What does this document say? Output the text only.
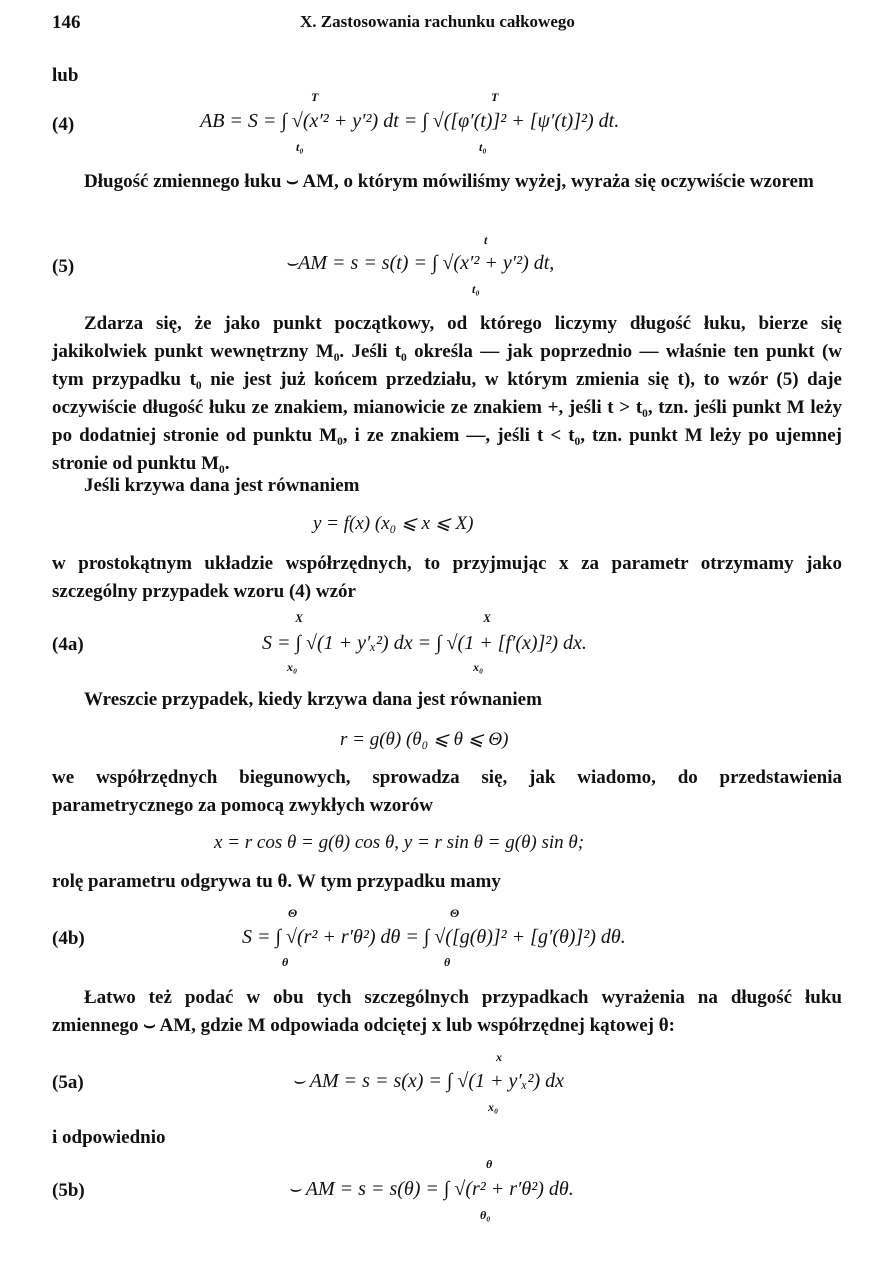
146	X. Zastosowania rachunku całkowego
lub
(4)
T	T
AB = S = ∫ √(x′² + y′²) dt = ∫ √([φ′(t)]² + [ψ′(t)]²) dt.
t₀	t₀
Długość zmiennego łuku ⌣ AM, o którym mówiliśmy wyżej, wyraża się oczywiście wzorem
(5)
t
⌣AM = s = s(t) = ∫ √(x′² + y′²) dt,
t₀
Zdarza się, że jako punkt początkowy, od którego liczymy długość łuku, bierze się jakikolwiek punkt wewnętrzny M₀. Jeśli t₀ określa — jak poprzednio — właśnie ten punkt (w tym przypadku t₀ nie jest już końcem przedziału, w którym zmienia się t), to wzór (5) daje oczywiście długość łuku ze znakiem, mianowicie ze znakiem +, jeśli t > t₀, tzn. jeśli punkt M leży po dodatniej stronie od punktu M₀, i ze znakiem —, jeśli t < t₀, tzn. punkt M leży po ujemnej stronie od punktu M₀.
Jeśli krzywa dana jest równaniem
y = f(x) (x₀ ⩽ x ⩽ X)
w prostokątnym układzie współrzędnych, to przyjmując x za parametr otrzymamy jako szczególny przypadek wzoru (4) wzór
(4a)
X	X
S = ∫ √(1 + y′ₓ²) dx = ∫ √(1 + [f′(x)]²) dx.
x₀	x₀
Wreszcie przypadek, kiedy krzywa dana jest równaniem
r = g(θ) (θ₀ ⩽ θ ⩽ Θ)
we współrzędnych biegunowych, sprowadza się, jak wiadomo, do przedstawienia parametrycznego za pomocą zwykłych wzorów
x = r cos θ = g(θ) cos θ, y = r sin θ = g(θ) sin θ;
rolę parametru odgrywa tu θ. W tym przypadku mamy
(4b)
Θ	Θ
S = ∫ √(r² + r′θ²) dθ = ∫ √([g(θ)]² + [g′(θ)]²) dθ.
θ	θ
Łatwo też podać w obu tych szczególnych przypadkach wyrażenia na długość łuku zmiennego ⌣ AM, gdzie M odpowiada odciętej x lub współrzędnej kątowej θ:
(5a)
x
⌣ AM = s = s(x) = ∫ √(1 + y′ₓ²) dx
x₀
i odpowiednio
(5b)
θ
⌣ AM = s = s(θ) = ∫ √(r² + r′θ²) dθ.
θ₀
